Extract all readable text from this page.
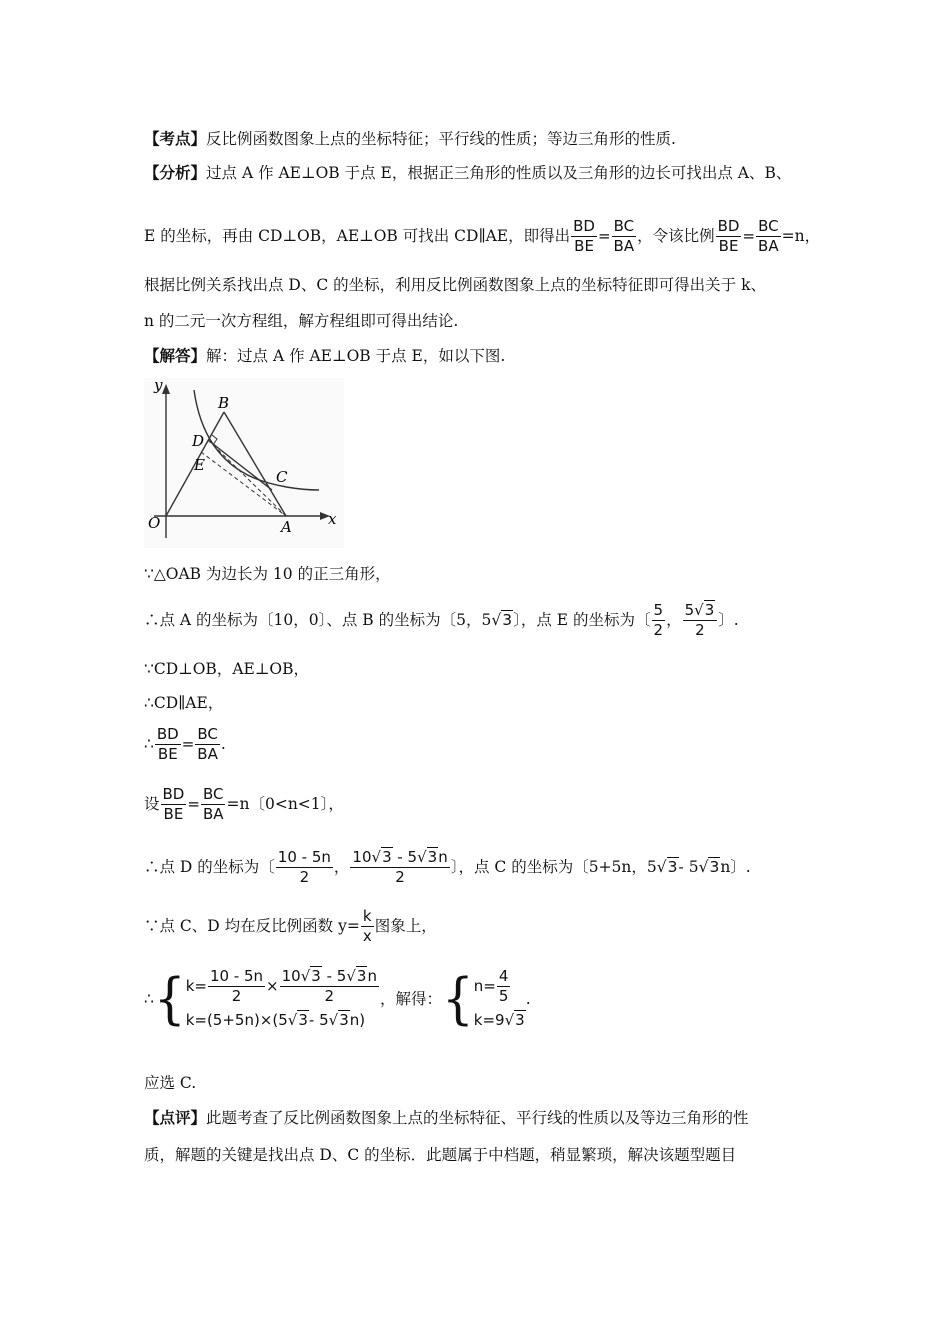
【考点】反比例函数图象上点的坐标特征；平行线的性质；等边三角形的性质.
【分析】过点 A 作 AE⊥OB 于点 E，根据正三角形的性质以及三角形的边长可找出点 A、B、
E 的坐标，再由 CD⊥OB，AE⊥OB 可找出 CD∥AE，即得出 $\frac{BD}{BE} = \frac{BC}{BA}$ ，令该比例 $\frac{BD}{BE} = \frac{BC}{BA} =n$，
根据比例关系找出点 D、C 的坐标，利用反比例函数图象上点的坐标特征即可得出关于 k、
n 的二元一次方程组，解方程组即可得出结论.
【解答】解：过点 A 作 AE⊥OB 于点 E，如以下图.
y
x
O	A
B
C
D
E
∵△OAB 为边长为 10 的正三角形，
∴点 A 的坐标为〔10，0〕、点 B 的坐标为〔5，5 √3 〕，点 E 的坐标为〔 $\frac{5}{2}$ ， $\frac{5√3}{2}$ 〕.
∵CD⊥OB，AE⊥OB，
∴CD∥AE，
∴ $\frac{BD}{BE} = \frac{BC}{BA}$ .
设 $\frac{BD}{BE} = \frac{BC}{BA} =n$〔0<n<1〕，
∴点 D 的坐标为〔 $\frac{10 - 5n}{2}$ ， $\frac{10√3 - 5√3n}{2}$ 〕，点 C 的坐标为〔5+5n，5 √3 - 5 √3 n〕.
∵点 C、D 均在反比例函数 $y= \frac{k}{x}$ 图象上，
∴ { $k= \frac{10 - 5n}{2} \times \frac{10√3 - 5√3n}{2}$
k=(5+5n)×(5 √3 - 5 √3 n)
，解得： { $n= \frac{4}{5}$
k=9 √3
.
应选 C.
【点评】此题考查了反比例函数图象上点的坐标特征、平行线的性质以及等边三角形的性
质，解题的关键是找出点 D、C 的坐标．此题属于中档题，稍显繁琐，解决该题型题目
